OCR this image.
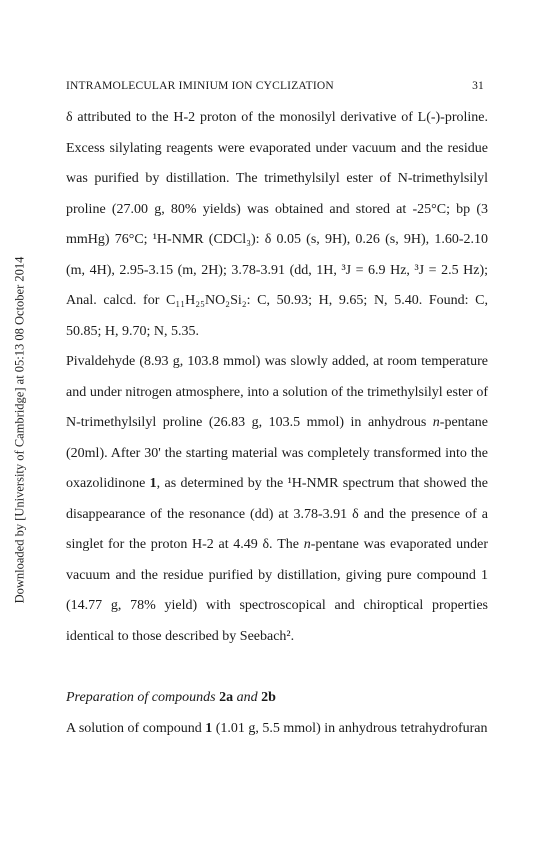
Downloaded by [University of Cambridge] at 05:13 08 October 2014
INTRAMOLECULAR IMINIUM ION CYCLIZATION	31

δ attributed to the H-2 proton of the monosilyl derivative of L(-)-proline. Excess silylating reagents were evaporated under vacuum and the residue was purified by distillation. The trimethylsilyl ester of N-trimethylsilyl proline (27.00 g, 80% yields) was obtained and stored at -25°C; bp (3 mmHg) 76°C; ¹H-NMR (CDCl₃): δ 0.05 (s, 9H), 0.26 (s, 9H), 1.60-2.10 (m, 4H), 2.95-3.15 (m, 2H); 3.78-3.91 (dd, 1H, ³J = 6.9 Hz, ³J = 2.5 Hz); Anal. calcd. for C₁₁H₂₅NO₂Si₂: C, 50.93; H, 9.65; N, 5.40. Found: C, 50.85; H, 9.70; N, 5.35.

Pivaldehyde (8.93 g, 103.8 mmol) was slowly added, at room temperature and under nitrogen atmosphere, into a solution of the trimethylsilyl ester of N-trimethylsilyl proline (26.83 g, 103.5 mmol) in anhydrous n-pentane (20ml). After 30' the starting material was completely transformed into the oxazolidinone 1, as determined by the ¹H-NMR spectrum that showed the disappearance of the resonance (dd) at 3.78-3.91 δ and the presence of a singlet for the proton H-2 at 4.49 δ. The n-pentane was evaporated under vacuum and the residue purified by distillation, giving pure compound 1 (14.77 g, 78% yield) with spectroscopical and chiroptical properties identical to those described by Seebach².

Preparation of compounds 2a and 2b

A solution of compound 1 (1.01 g, 5.5 mmol) in anhydrous tetrahydrofuran
